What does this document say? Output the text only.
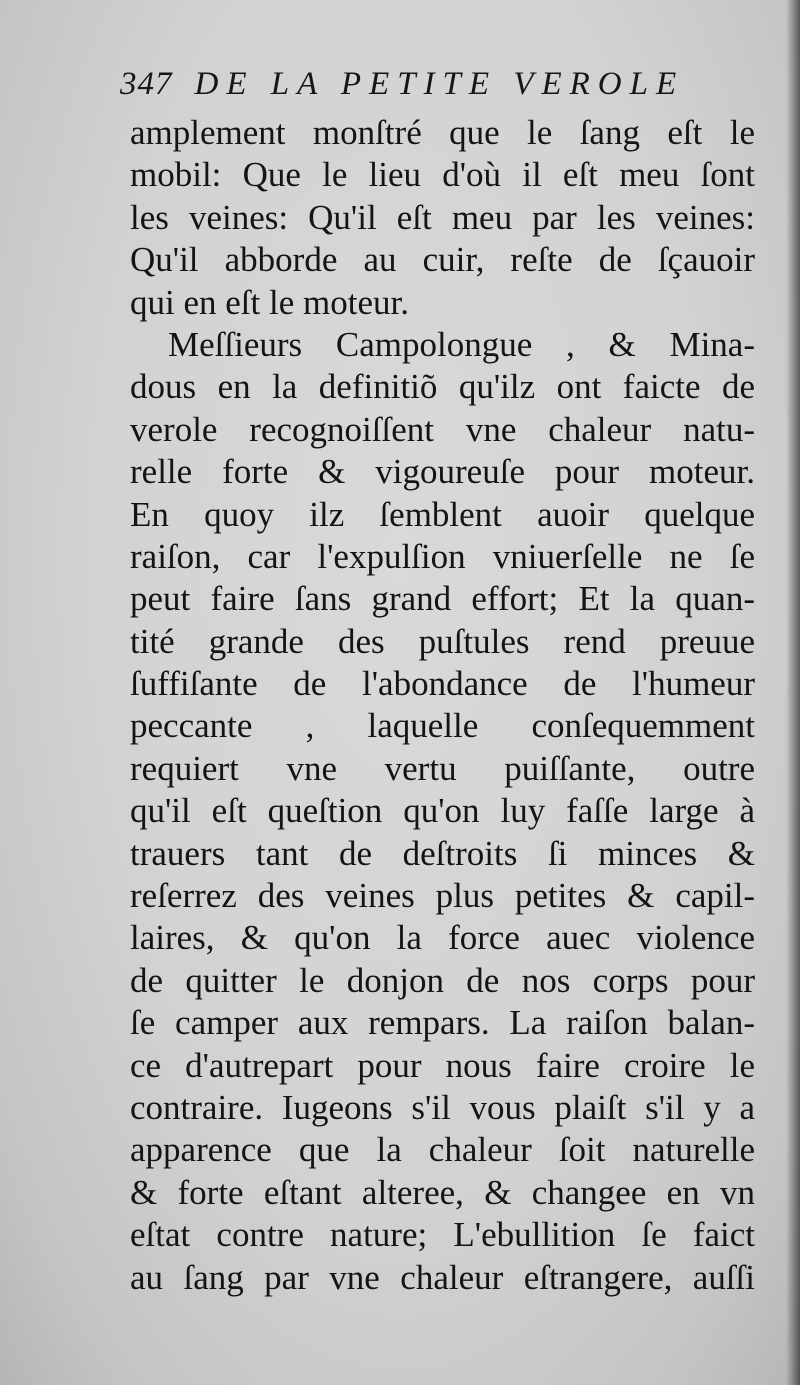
347 DE LA PETITE VEROLE
amplement monſtré que le ſang eſt le
mobil: Que le lieu d'où il eſt meu ſont
les veines: Qu'il eſt meu par les veines:
Qu'il abborde au cuir, reſte de ſçauoir
qui en eſt le moteur.
Meſſieurs Campolongue , & Mina-
dous en la definitiõ qu'ilz ont faicte de
verole recognoiſſent vne chaleur natu-
relle forte & vigoureuſe pour moteur.
En quoy ilz ſemblent auoir quelque
raiſon, car l'expulſion vniuerſelle ne ſe
peut faire ſans grand effort; Et la quan-
tité grande des puſtules rend preuue
ſuffiſante de l'abondance de l'humeur
peccante , laquelle conſequemment
requiert vne vertu puiſſante, outre
qu'il eſt queſtion qu'on luy faſſe large à
trauers tant de deſtroits ſi minces &
reſerrez des veines plus petites & capil-
laires, & qu'on la force auec violence
de quitter le donjon de nos corps pour
ſe camper aux rempars. La raiſon balan-
ce d'autrepart pour nous faire croire le
contraire. Iugeons s'il vous plaiſt s'il y a
apparence que la chaleur ſoit naturelle
& forte eſtant alteree, & changee en vn
eſtat contre nature; L'ebullition ſe faict
au ſang par vne chaleur eſtrangere, auſſi
